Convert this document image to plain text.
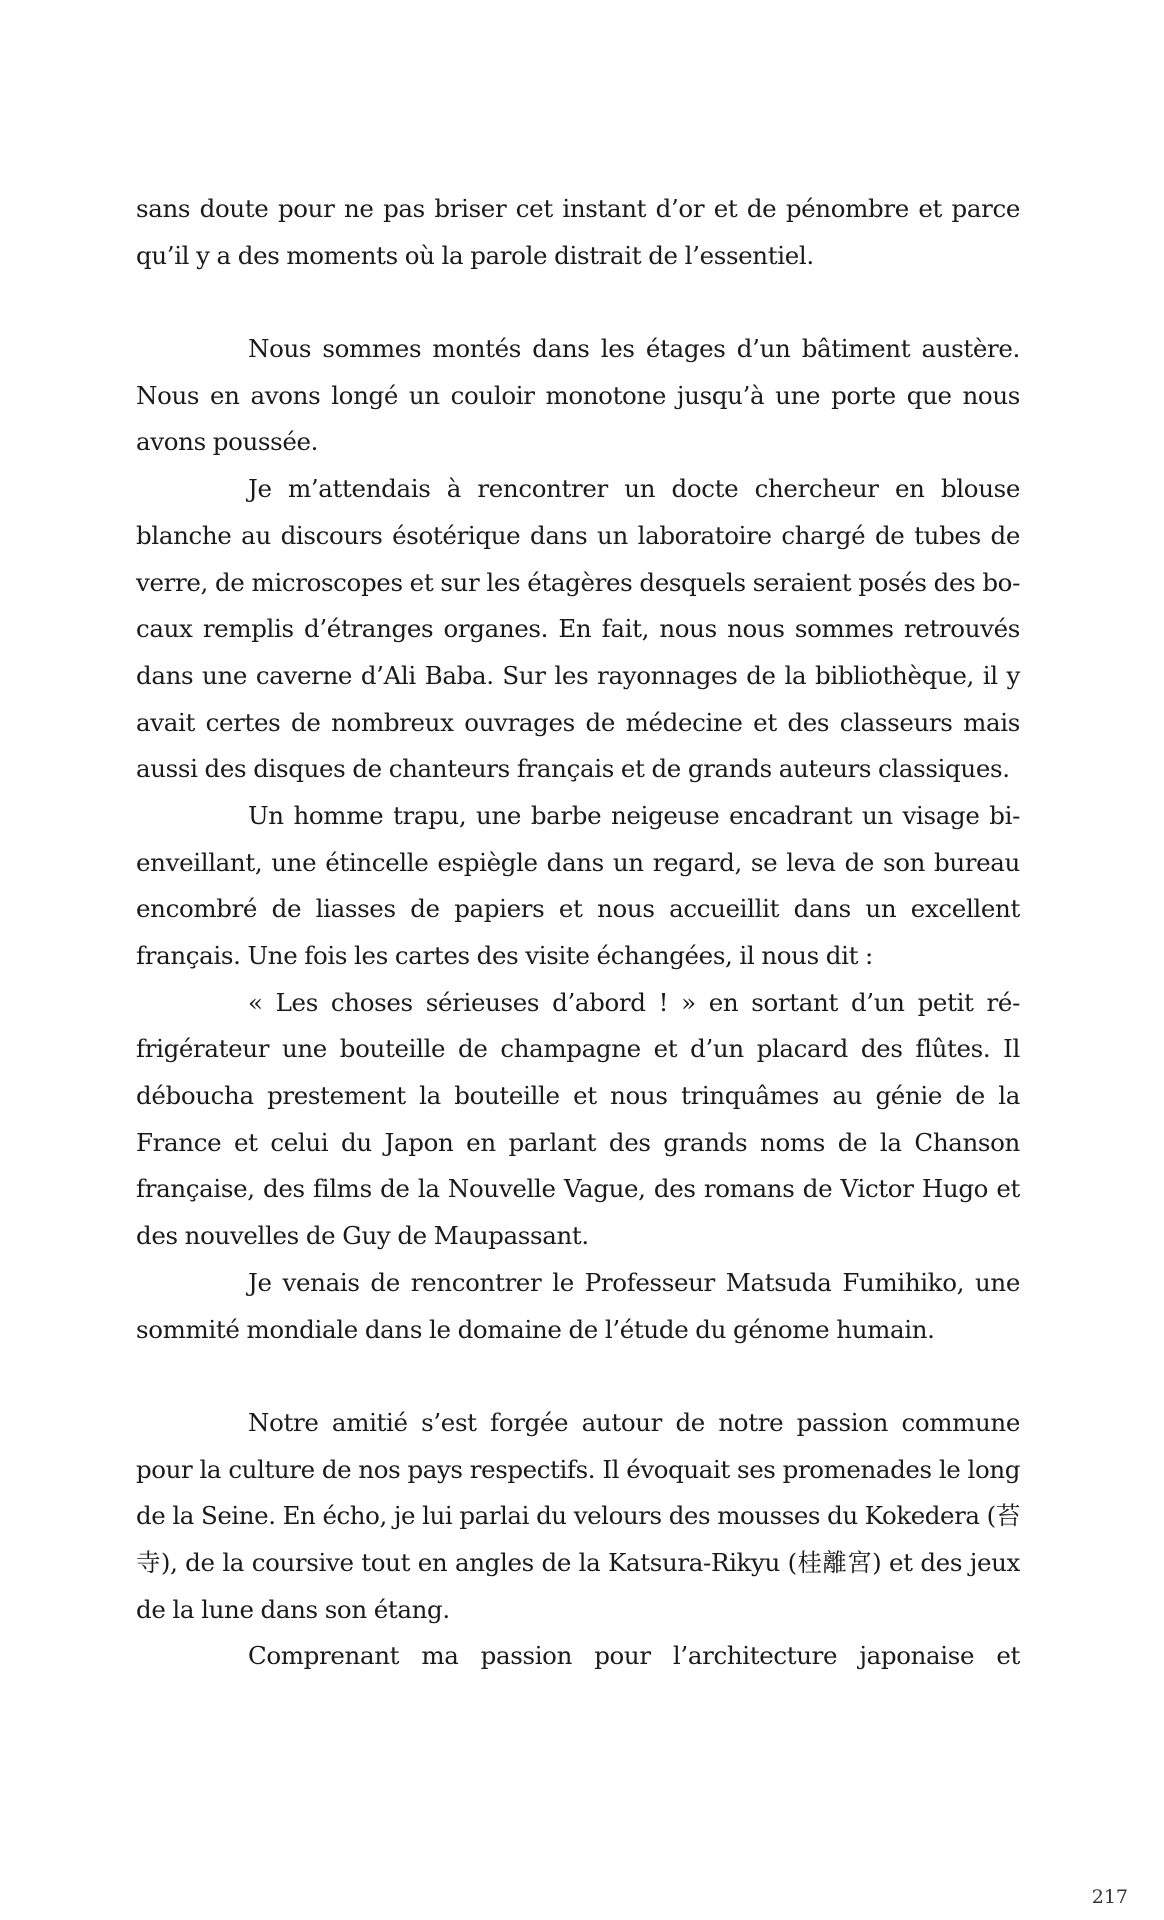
sans doute pour ne pas briser cet instant d’or et de pénombre et parce
qu’il y a des moments où la parole distrait de l’essentiel.
Nous sommes montés dans les étages d’un bâtiment austère.
Nous en avons longé un couloir monotone jusqu’à une porte que nous
avons poussée.
Je m’attendais à rencontrer un docte chercheur en blouse
blanche au discours ésotérique dans un laboratoire chargé de tubes de
verre, de microscopes et sur les étagères desquels seraient posés des bo-
caux remplis d’étranges organes. En fait, nous nous sommes retrouvés
dans une caverne d’Ali Baba. Sur les rayonnages de la bibliothèque, il y
avait certes de nombreux ouvrages de médecine et des classeurs mais
aussi des disques de chanteurs français et de grands auteurs classiques.
Un homme trapu, une barbe neigeuse encadrant un visage bi-
enveillant, une étincelle espiègle dans un regard, se leva de son bureau
encombré de liasses de papiers et nous accueillit dans un excellent
français. Une fois les cartes des visite échangées, il nous dit :
« Les choses sérieuses d’abord ! » en sortant d’un petit ré-
frigérateur une bouteille de champagne et d’un placard des flûtes. Il
déboucha prestement la bouteille et nous trinquâmes au génie de la
France et celui du Japon en parlant des grands noms de la Chanson
française, des films de la Nouvelle Vague, des romans de Victor Hugo et
des nouvelles de Guy de Maupassant.
Je venais de rencontrer le Professeur Matsuda Fumihiko, une
sommité mondiale dans le domaine de l’étude du génome humain.
Notre amitié s’est forgée autour de notre passion commune
pour la culture de nos pays respectifs. Il évoquait ses promenades le long
de la Seine. En écho, je lui parlai du velours des mousses du Kokedera (苔
寺), de la coursive tout en angles de la Katsura-Rikyu (桂離宮) et des jeux
de la lune dans son étang.
Comprenant ma passion pour l’architecture japonaise et
217
